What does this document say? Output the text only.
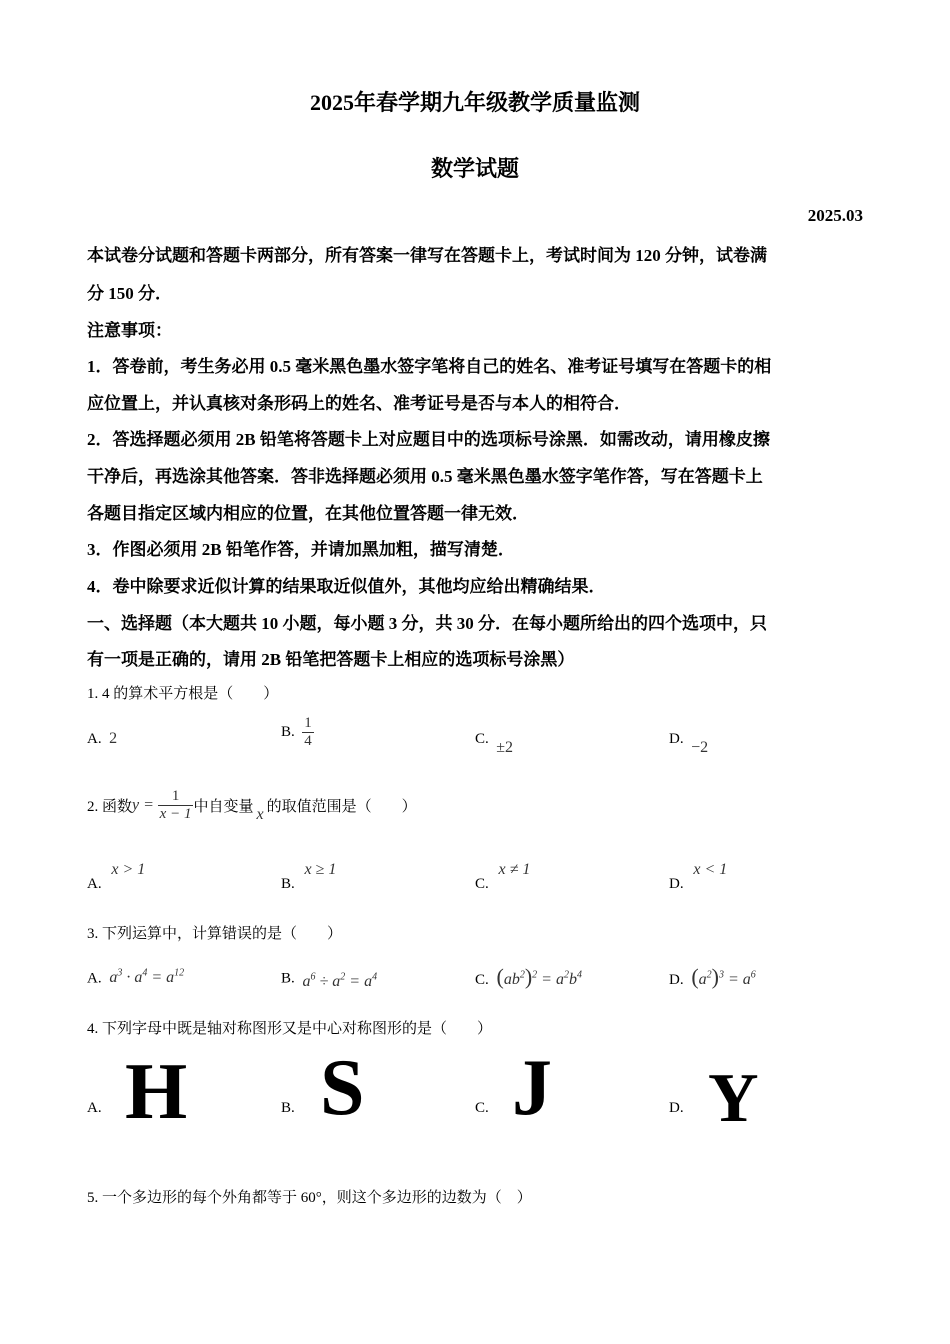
2025年春学期九年级教学质量监测
数学试题
2025.03
本试卷分试题和答题卡两部分，所有答案一律写在答题卡上，考试时间为 120 分钟，试卷满
分 150 分．
注意事项：
1．答卷前，考生务必用 0.5 毫米黑色墨水签字笔将自己的姓名、准考证号填写在答题卡的相
应位置上，并认真核对条形码上的姓名、准考证号是否与本人的相符合．
2．答选择题必须用 2B 铅笔将答题卡上对应题目中的选项标号涂黑．如需改动，请用橡皮擦
干净后，再选涂其他答案．答非选择题必须用 0.5 毫米黑色墨水签字笔作答，写在答题卡上
各题目指定区域内相应的位置，在其他位置答题一律无效．
3．作图必须用 2B 铅笔作答，并请加黑加粗，描写清楚．
4．卷中除要求近似计算的结果取近似值外，其他均应给出精确结果．
一、选择题（本大题共 10 小题，每小题 3 分，共 30 分．在每小题所给出的四个选项中，只
有一项是正确的，请用 2B 铅笔把答题卡上相应的选项标号涂黑）
1. 4 的算术平方根是（　　）
A. 2	B. $\frac{1}{4}$	C. ±2	D. −2
2. 函数$y = \frac{1}{x - 1}$ 中自变量 x 的取值范围是（　　）
A. x > 1
B. x ≥ 1
C. x ≠ 1
D. x < 1
3. 下列运算中，计算错误的是（　　）
A.  $a^3 \cdot a^4 = a^{12}$	B.  $a^6 \div a^2 = a^4$	C. $(ab^2)^2 = a^2b^4$	D. $(a^2)^3 = a^6$
4. 下列字母中既是轴对称图形又是中心对称图形的是（　　）
A. H	B. S	C. J	D. Y
5. 一个多边形的每个外角都等于 60°，则这个多边形的边数为（　）
